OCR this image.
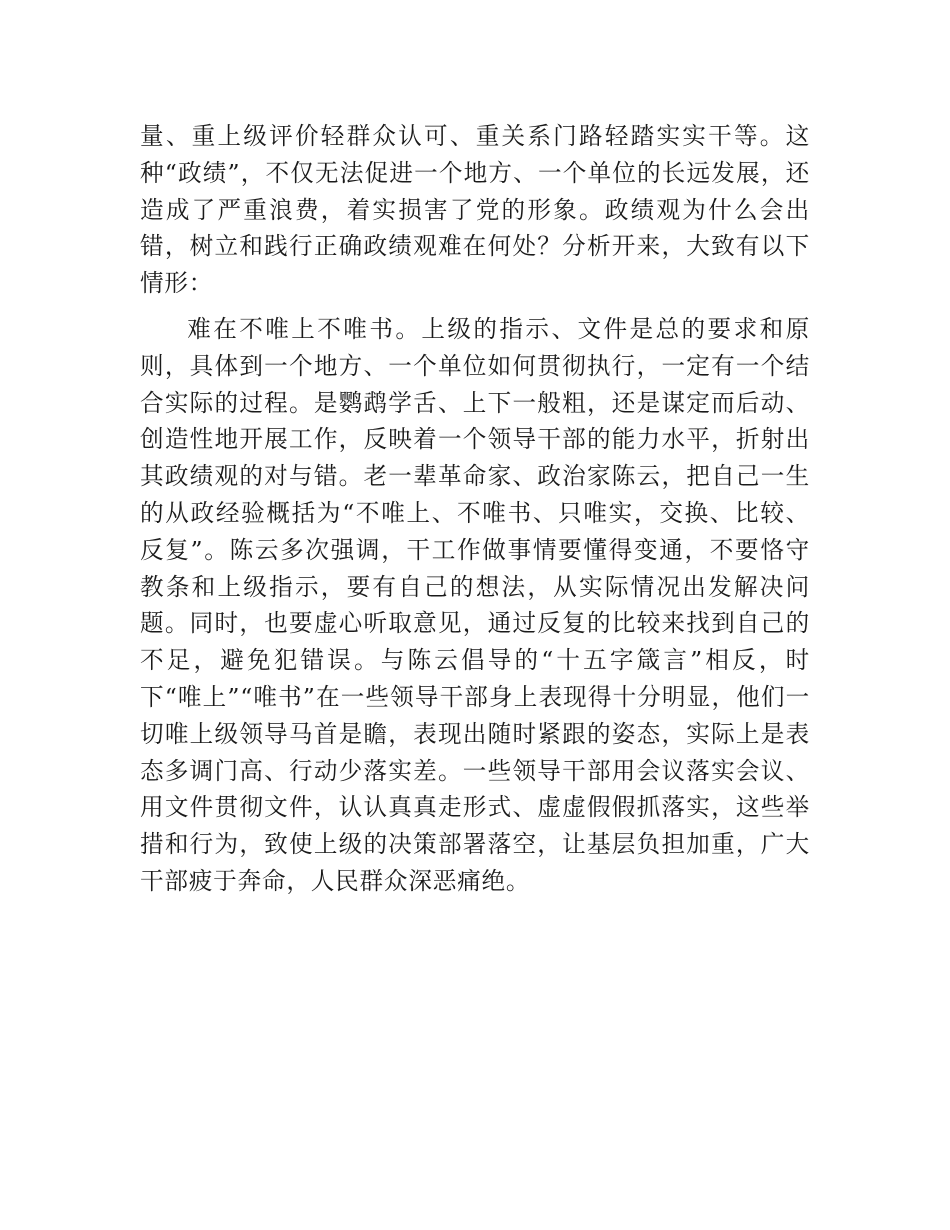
量、重上级评价轻群众认可、重关系门路轻踏实实干等。这种“政绩”，不仅无法促进一个地方、一个单位的长远发展，还造成了严重浪费，着实损害了党的形象。政绩观为什么会出错，树立和践行正确政绩观难在何处？分析开来，大致有以下情形：

难在不唯上不唯书。上级的指示、文件是总的要求和原则，具体到一个地方、一个单位如何贯彻执行，一定有一个结合实际的过程。是鹦鹉学舌、上下一般粗，还是谋定而后动、创造性地开展工作，反映着一个领导干部的能力水平，折射出其政绩观的对与错。老一辈革命家、政治家陈云，把自己一生的从政经验概括为“不唯上、不唯书、只唯实，交换、比较、反复”。陈云多次强调，干工作做事情要懂得变通，不要恪守教条和上级指示，要有自己的想法，从实际情况出发解决问题。同时，也要虚心听取意见，通过反复的比较来找到自己的不足，避免犯错误。与陈云倡导的“十五字箴言”相反，时下“唯上”“唯书”在一些领导干部身上表现得十分明显，他们一切唯上级领导马首是瞻，表现出随时紧跟的姿态，实际上是表态多调门高、行动少落实差。一些领导干部用会议落实会议、用文件贯彻文件，认认真真走形式、虚虚假假抓落实，这些举措和行为，致使上级的决策部署落空，让基层负担加重，广大干部疲于奔命，人民群众深恶痛绝。
